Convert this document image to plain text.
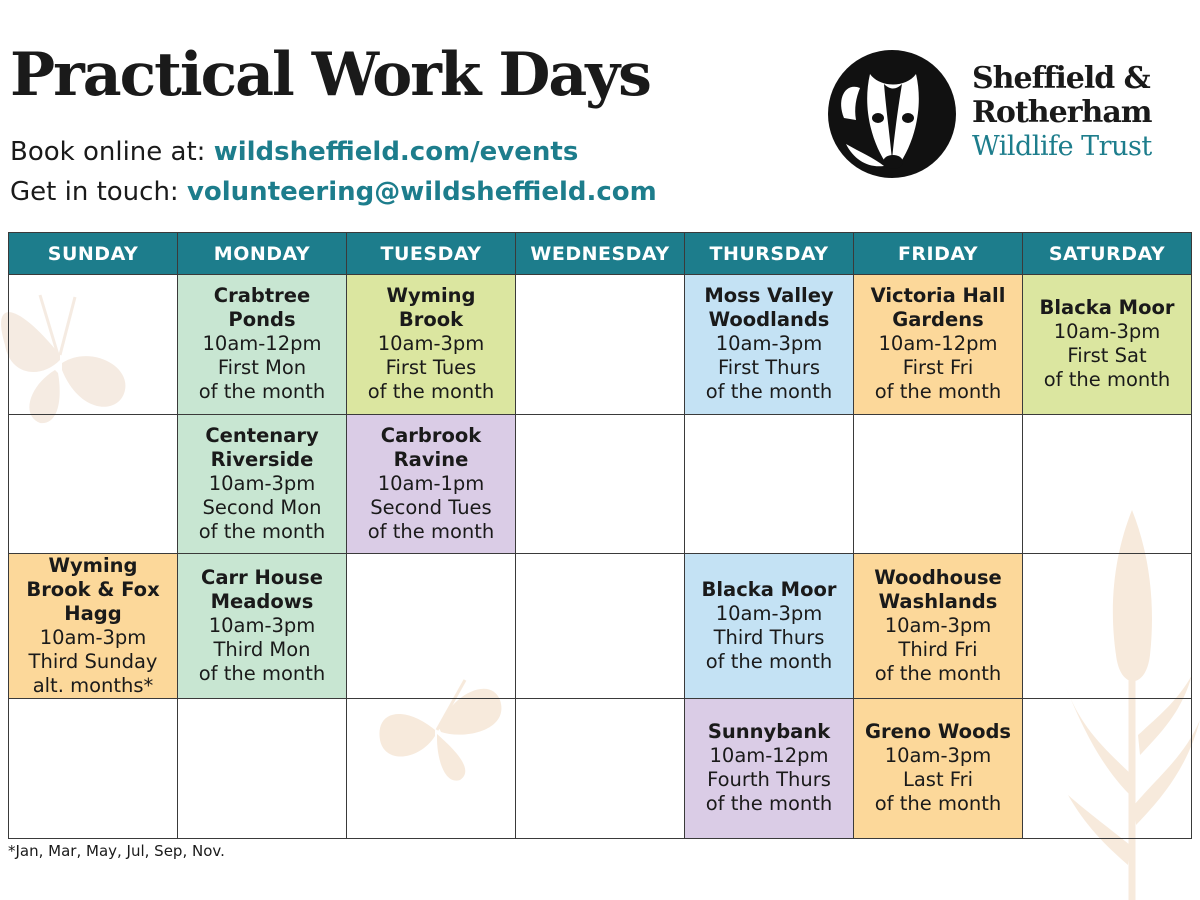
Practical Work Days
Book online at: wildsheffield.com/events
Get in touch: volunteering@wildsheffield.com
Sheffield &
Rotherham
Wildlife Trust
SUNDAY	MONDAY	TUESDAY	WEDNESDAY	THURSDAY	FRIDAY	SATURDAY

	Crabtree Ponds
10am-12pm
First Mon
of the month	Wyming Brook
10am-3pm
First Tues
of the month		Moss Valley Woodlands
10am-3pm
First Thurs
of the month	Victoria Hall Gardens
10am-12pm
First Fri
of the month	Blacka Moor
10am-3pm
First Sat
of the month

	Centenary Riverside
10am-3pm
Second Mon
of the month	Carbrook Ravine
10am-1pm
Second Tues
of the month				

Wyming Brook & Fox Hagg
10am-3pm
Third Sunday
alt. months*	Carr House Meadows
10am-3pm
Third Mon
of the month			Blacka Moor
10am-3pm
Third Thurs
of the month	Woodhouse Washlands
10am-3pm
Third Fri
of the month	

				Sunnybank
10am-12pm
Fourth Thurs
of the month	Greno Woods
10am-3pm
Last Fri
of the month	

*Jan, Mar, May, Jul, Sep, Nov.
